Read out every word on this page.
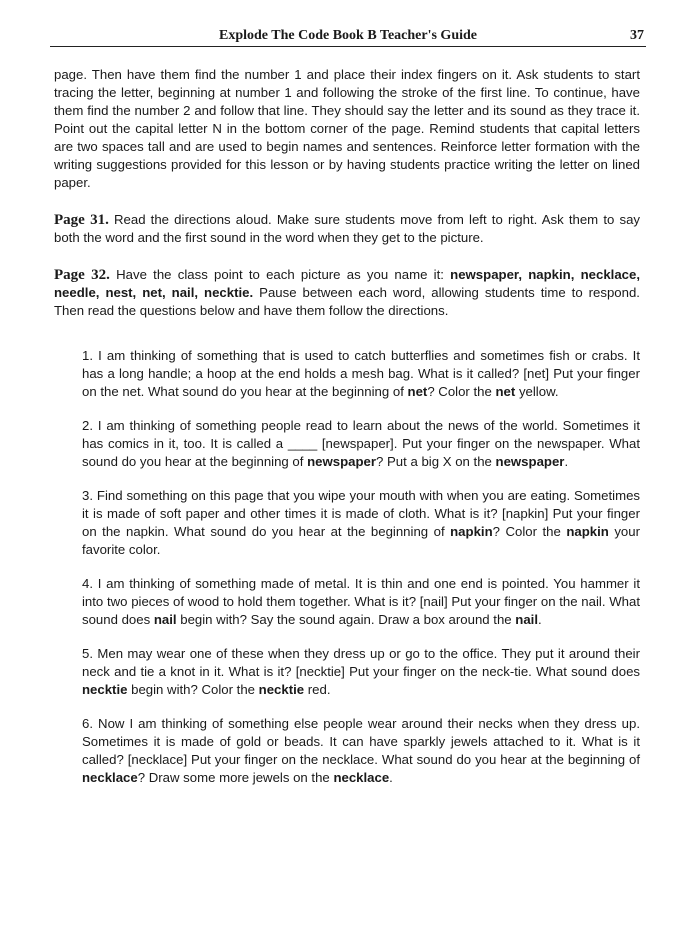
Explode The Code Book B Teacher's Guide	37

page. Then have them find the number 1 and place their index fingers on it. Ask students to start tracing the letter, beginning at number 1 and following the stroke of the first line. To continue, have them find the number 2 and follow that line. They should say the letter and its sound as they trace it. Point out the capital letter N in the bottom corner of the page. Remind students that capital letters are two spaces tall and are used to begin names and sentences. Reinforce letter formation with the writing suggestions provided for this lesson or by having students practice writing the letter on lined paper.

Page 31. Read the directions aloud. Make sure students move from left to right. Ask them to say both the word and the first sound in the word when they get to the picture.

Page 32. Have the class point to each picture as you name it: newspaper, napkin, necklace, needle, nest, net, nail, necktie. Pause between each word, allowing students time to respond. Then read the questions below and have them follow the directions.

1. I am thinking of something that is used to catch butterflies and sometimes fish or crabs. It has a long handle; a hoop at the end holds a mesh bag. What is it called? [net] Put your finger on the net. What sound do you hear at the beginning of net? Color the net yellow.

2. I am thinking of something people read to learn about the news of the world. Sometimes it has comics in it, too. It is called a ____ [newspaper]. Put your finger on the newspaper. What sound do you hear at the beginning of newspaper? Put a big X on the newspaper.

3. Find something on this page that you wipe your mouth with when you are eating. Sometimes it is made of soft paper and other times it is made of cloth. What is it? [napkin] Put your finger on the napkin. What sound do you hear at the beginning of napkin? Color the napkin your favorite color.

4. I am thinking of something made of metal. It is thin and one end is pointed. You hammer it into two pieces of wood to hold them together. What is it? [nail] Put your finger on the nail. What sound does nail begin with? Say the sound again. Draw a box around the nail.

5. Men may wear one of these when they dress up or go to the office. They put it around their neck and tie a knot in it. What is it? [necktie] Put your finger on the neck-tie. What sound does necktie begin with? Color the necktie red.

6. Now I am thinking of something else people wear around their necks when they dress up. Sometimes it is made of gold or beads. It can have sparkly jewels attached to it. What is it called? [necklace] Put your finger on the necklace. What sound do you hear at the beginning of necklace? Draw some more jewels on the necklace.
